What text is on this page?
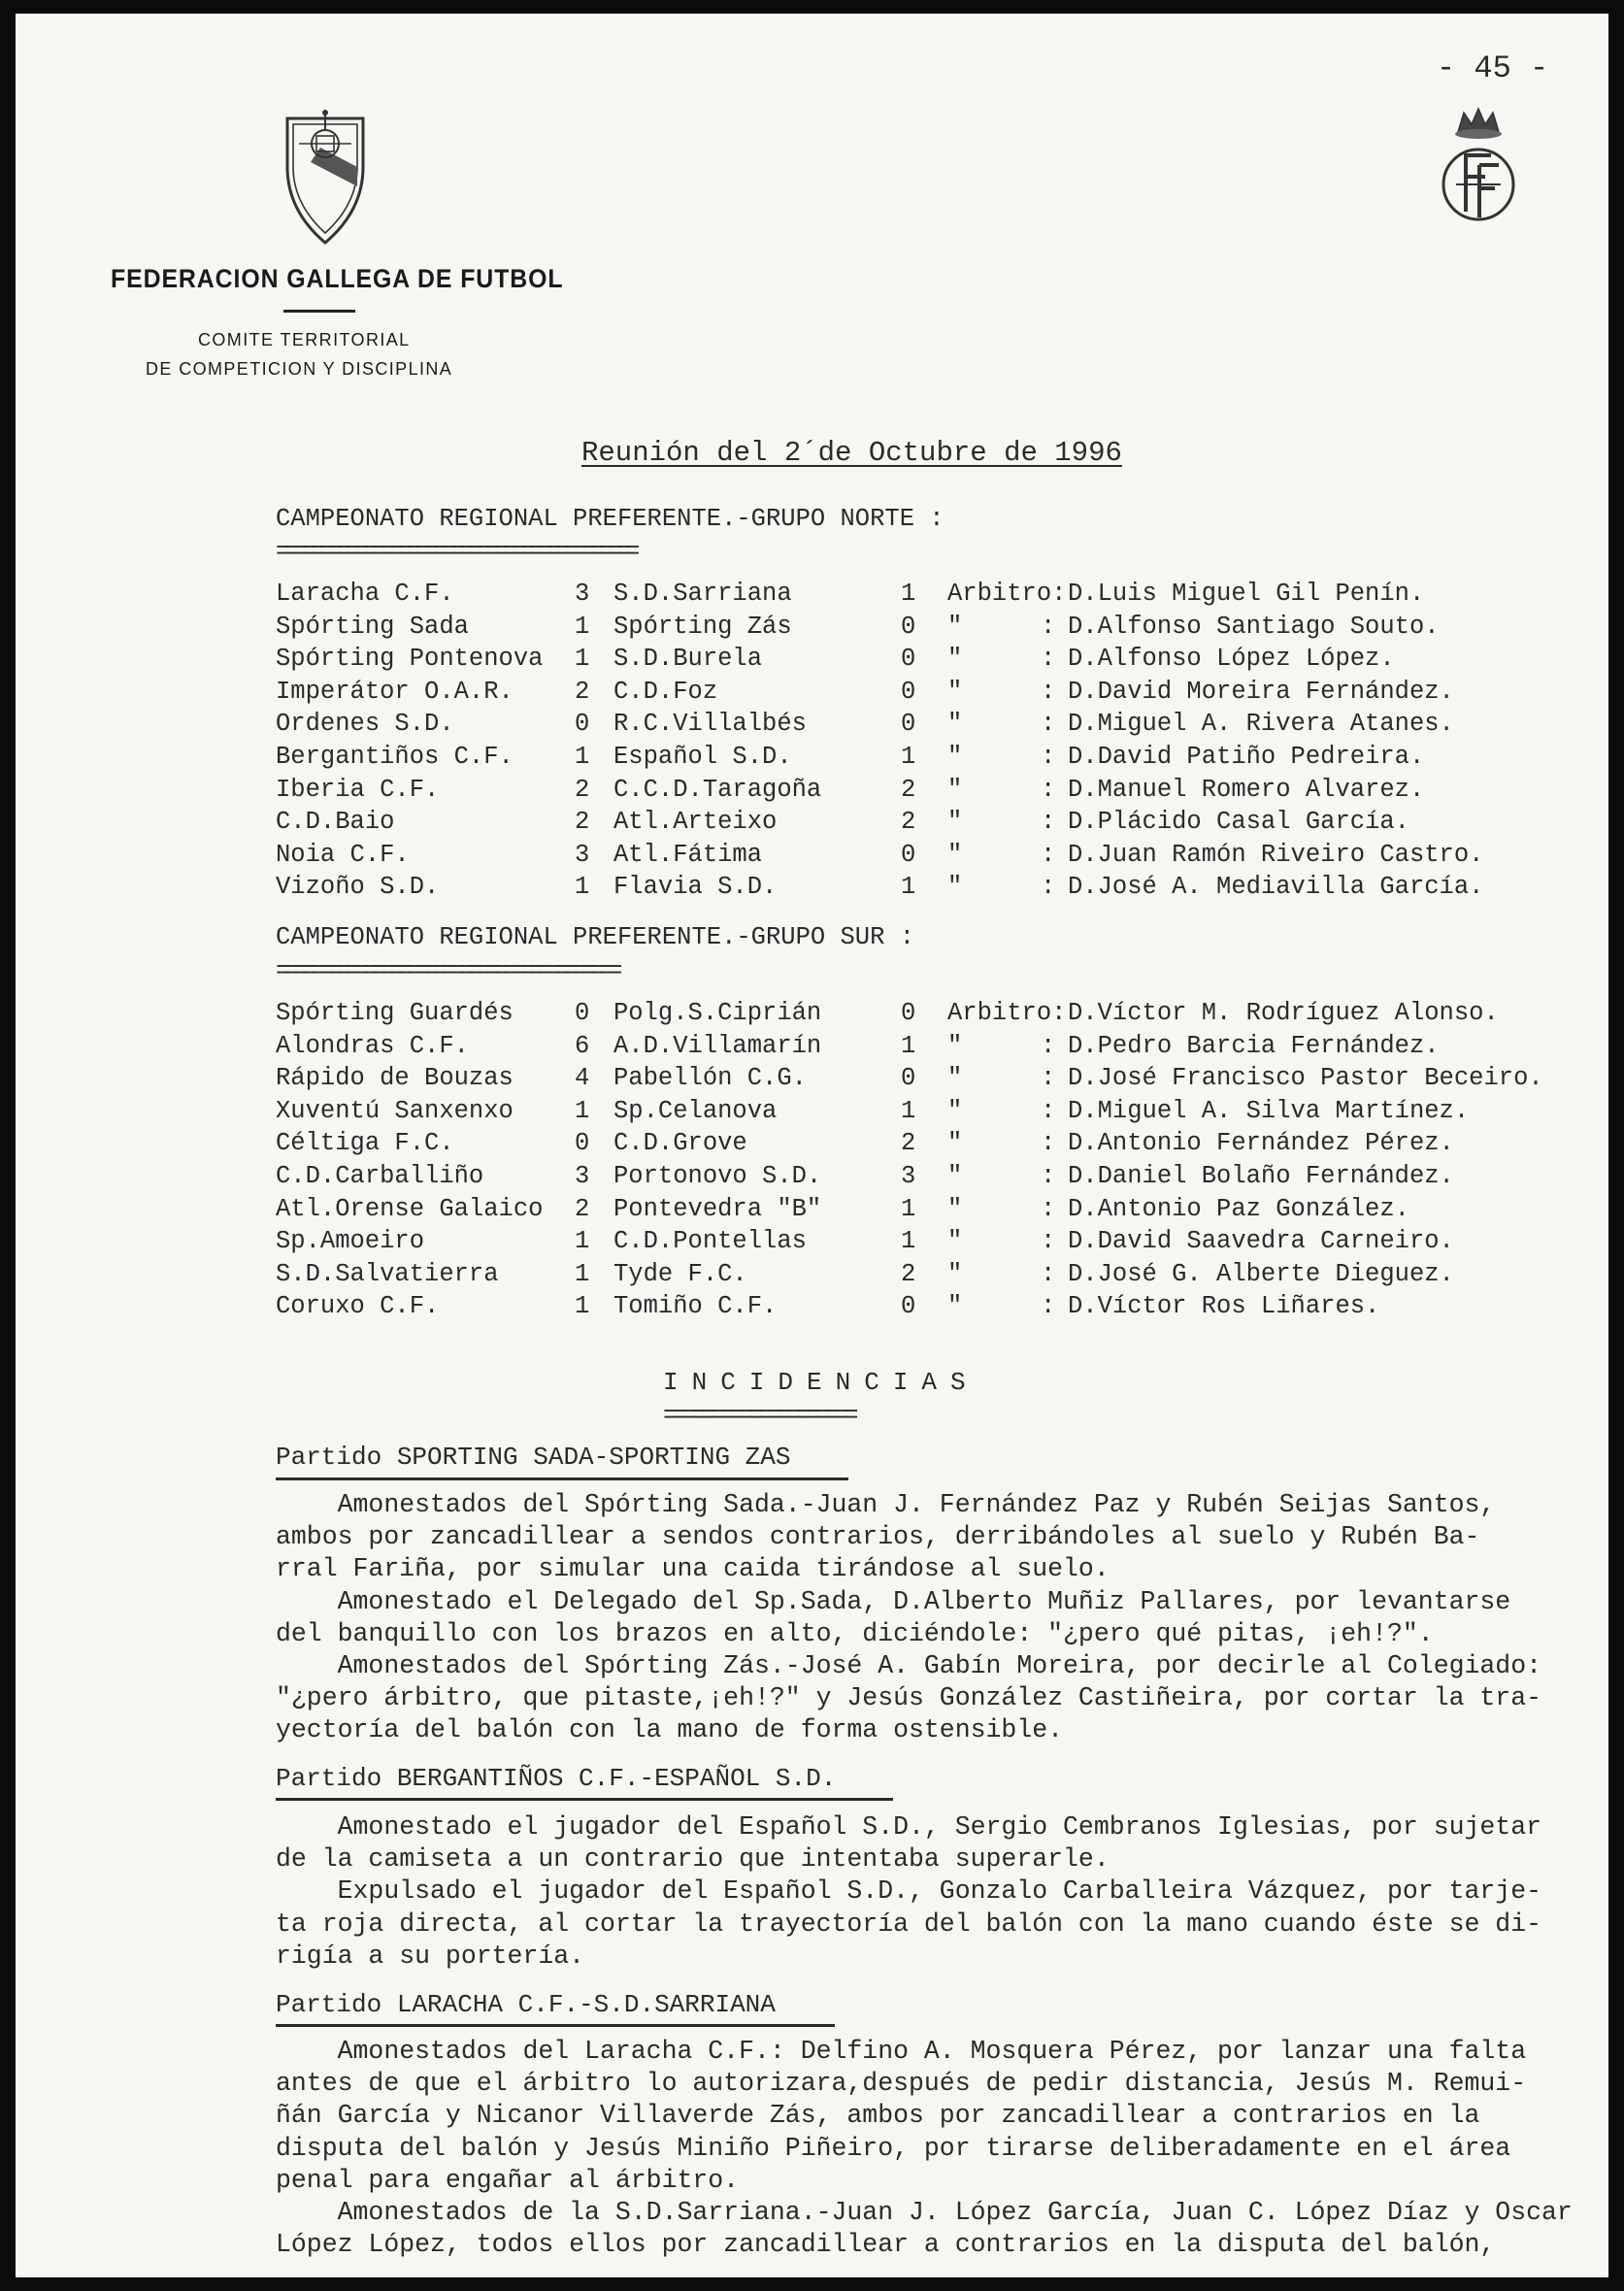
- 45 -
FEDERACION GALLEGA DE FUTBOL
COMITE TERRITORIAL
DE COMPETICION Y DISCIPLINA
Reunión del 2´de Octubre de 1996
CAMPEONATO REGIONAL PREFERENTE.-GRUPO NORTE :
=========================================
Laracha C.F.	3 S.D.Sarriana	1 Arbitro: D.Luis Miguel Gil Penín.
Spórting Sada	1 Spórting Zás	0 "	: D.Alfonso Santiago Souto.
Spórting Pontenova 1 S.D.Burela	0 "	: D.Alfonso López López.
Imperátor O.A.R. 2 C.D.Foz	0 "	: D.David Moreira Fernández.
Ordenes S.D.	0 R.C.Villalbés	0 "	: D.Miguel A. Rivera Atanes.
Bergantiños C.F. 1 Español S.D.	1 "	: D.David Patiño Pedreira.
Iberia C.F.	2 C.C.D.Taragoña	2 "	: D.Manuel Romero Alvarez.
C.D.Baio	2 Atl.Arteixo	2 "	: D.Plácido Casal García.
Noia C.F.	3 Atl.Fátima	0 "	: D.Juan Ramón Riveiro Castro.
Vizoño S.D.	1 Flavia S.D.	1 "	: D.José A. Mediavilla García.
CAMPEONATO REGIONAL PREFERENTE.-GRUPO SUR :
=======================================
Spórting Guardés 0 Polg.S.Ciprián	0 Arbitro: D.Víctor M. Rodríguez Alonso.
Alondras C.F.	6 A.D.Villamarín	1 "	: D.Pedro Barcia Fernández.
Rápido de Bouzas 4 Pabellón C.G.	0 "	: D.José Francisco Pastor Beceiro.
Xuventú Sanxenxo 1 Sp.Celanova	1 "	: D.Miguel A. Silva Martínez.
Céltiga F.C.	0 C.D.Grove	2 "	: D.Antonio Fernández Pérez.
C.D.Carballiño	3 Portonovo S.D.	3 "	: D.Daniel Bolaño Fernández.
Atl.Orense Galaico 2 Pontevedra "B"	1 "	: D.Antonio Paz González.
Sp.Amoeiro	1 C.D.Pontellas	1 "	: D.David Saavedra Carneiro.
S.D.Salvatierra	1 Tyde F.C.	2 "	: D.José G. Alberte Dieguez.
Coruxo C.F.	1 Tomiño C.F.	0 "	: D.Víctor Ros Liñares.
INCIDENCIAS
====================
Partido SPORTING SADA-SPORTING ZAS
Amonestados del Spórting Sada.-Juan J. Fernández Paz y Rubén Seijas Santos,
ambos por zancadillear a sendos contrarios, derribándoles al suelo y Rubén Ba-
rral Fariña, por simular una caida tirándose al suelo.
Amonestado el Delegado del Sp.Sada, D.Alberto Muñiz Pallares, por levantarse
del banquillo con los brazos en alto, diciéndole: "¿pero qué pitas, ¡eh!?".
Amonestados del Spórting Zás.-José A. Gabín Moreira, por decirle al Colegiado:
"¿pero árbitro, que pitaste,¡eh!?" y Jesús González Castiñeira, por cortar la tra-
yectoría del balón con la mano de forma ostensible.
Partido BERGANTIÑOS C.F.-ESPAÑOL S.D.
Amonestado el jugador del Español S.D., Sergio Cembranos Iglesias, por sujetar
de la camiseta a un contrario que intentaba superarle.
Expulsado el jugador del Español S.D., Gonzalo Carballeira Vázquez, por tarje-
ta roja directa, al cortar la trayectoría del balón con la mano cuando éste se di-
rigía a su portería.
Partido LARACHA C.F.-S.D.SARRIANA
Amonestados del Laracha C.F.: Delfino A. Mosquera Pérez, por lanzar una falta
antes de que el árbitro lo autorizara,después de pedir distancia, Jesús M. Remui-
ñán García y Nicanor Villaverde Zás, ambos por zancadillear a contrarios en la
disputa del balón y Jesús Miniño Piñeiro, por tirarse deliberadamente en el área
penal para engañar al árbitro.
Amonestados de la S.D.Sarriana.-Juan J. López García, Juan C. López Díaz y Oscar
López López, todos ellos por zancadillear a contrarios en la disputa del balón,
